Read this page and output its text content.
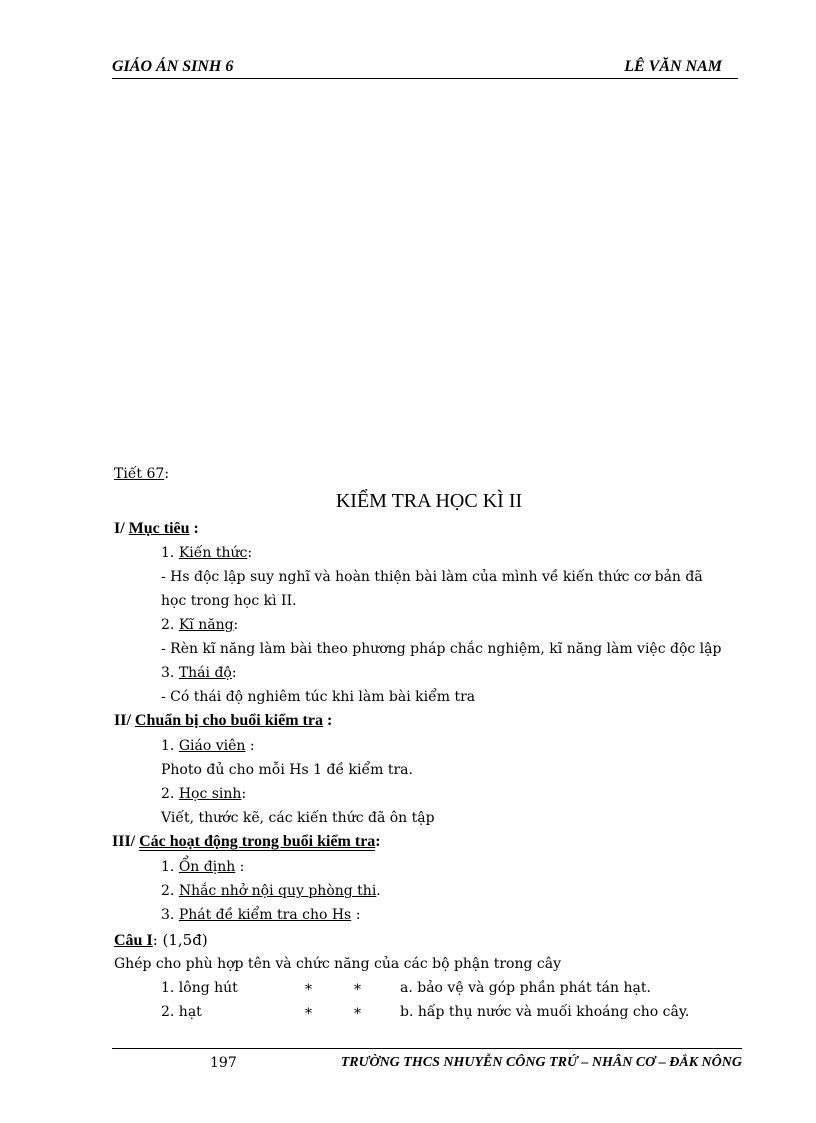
GIÁO ÁN SINH 6	LÊ VĂN NAM
Tiết 67:
KIỂM TRA HỌC KÌ II
I/ Mục tiêu :
1. Kiến thức:
- Hs độc lập suy nghĩ và hoàn thiện bài làm của mình về kiến thức cơ bản đã
học trong học kì II.
2. Kĩ năng:
- Rèn kĩ năng làm bài theo phương pháp chắc nghiệm, kĩ năng làm việc độc lập
3. Thái độ:
- Có thái độ nghiêm túc khi làm bài kiểm tra
II/ Chuẩn bị cho buổi kiểm tra :
1. Giáo viên :
Photo đủ cho mỗi Hs 1 đề kiểm tra.
2. Học sinh:
Viết, thước kẽ, các kiến thức đã ôn tập
III/ Các hoạt động trong buổi kiểm tra:
1. Ổn định :
2. Nhắc nhở nội quy phòng thi.
3. Phát đề kiểm tra cho Hs :
Câu I: (1,5đ)
Ghép cho phù hợp tên và chức năng của các bộ phận trong cây
1. lông hút	*	*	a. bảo vệ và góp phần phát tán hạt.
2. hạt	*	*	b. hấp thụ nước và muối khoáng cho cây.
197	TRƯỜNG THCS NHUYỄN CÔNG TRỨ – NHÂN CƠ – ĐẮK NÔNG
